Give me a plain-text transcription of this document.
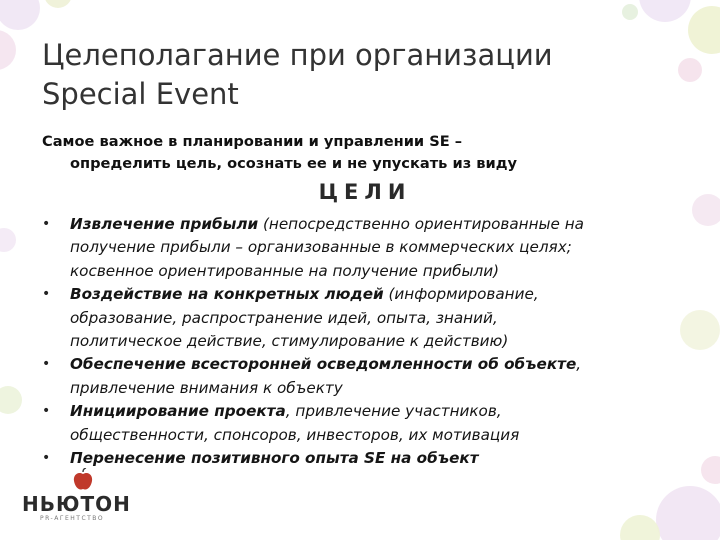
Целеполагание при организации
Special Event
Самое важное в планировании и управлении SE –
определить цель, осознать ее и не упускать из виду
ЦЕЛИ
• Извлечение прибыли (непосредственно ориентированные на
получение прибыли – организованные в коммерческих целях;
косвенное ориентированные на получение прибыли)
• Воздействие на конкретных людей (информирование,
образование, распространение идей, опыта, знаний,
политическое действие, стимулирование к действию)
• Обеспечение всесторонней осведомленности об объекте,
привлечение внимания к объекту
• Инициирование проекта, привлечение участников,
общественности, спонсоров, инвесторов, их мотивация
• Перенесение позитивного опыта SE на объект
НЬЮТОН
PR-АГЕНТСТВО
